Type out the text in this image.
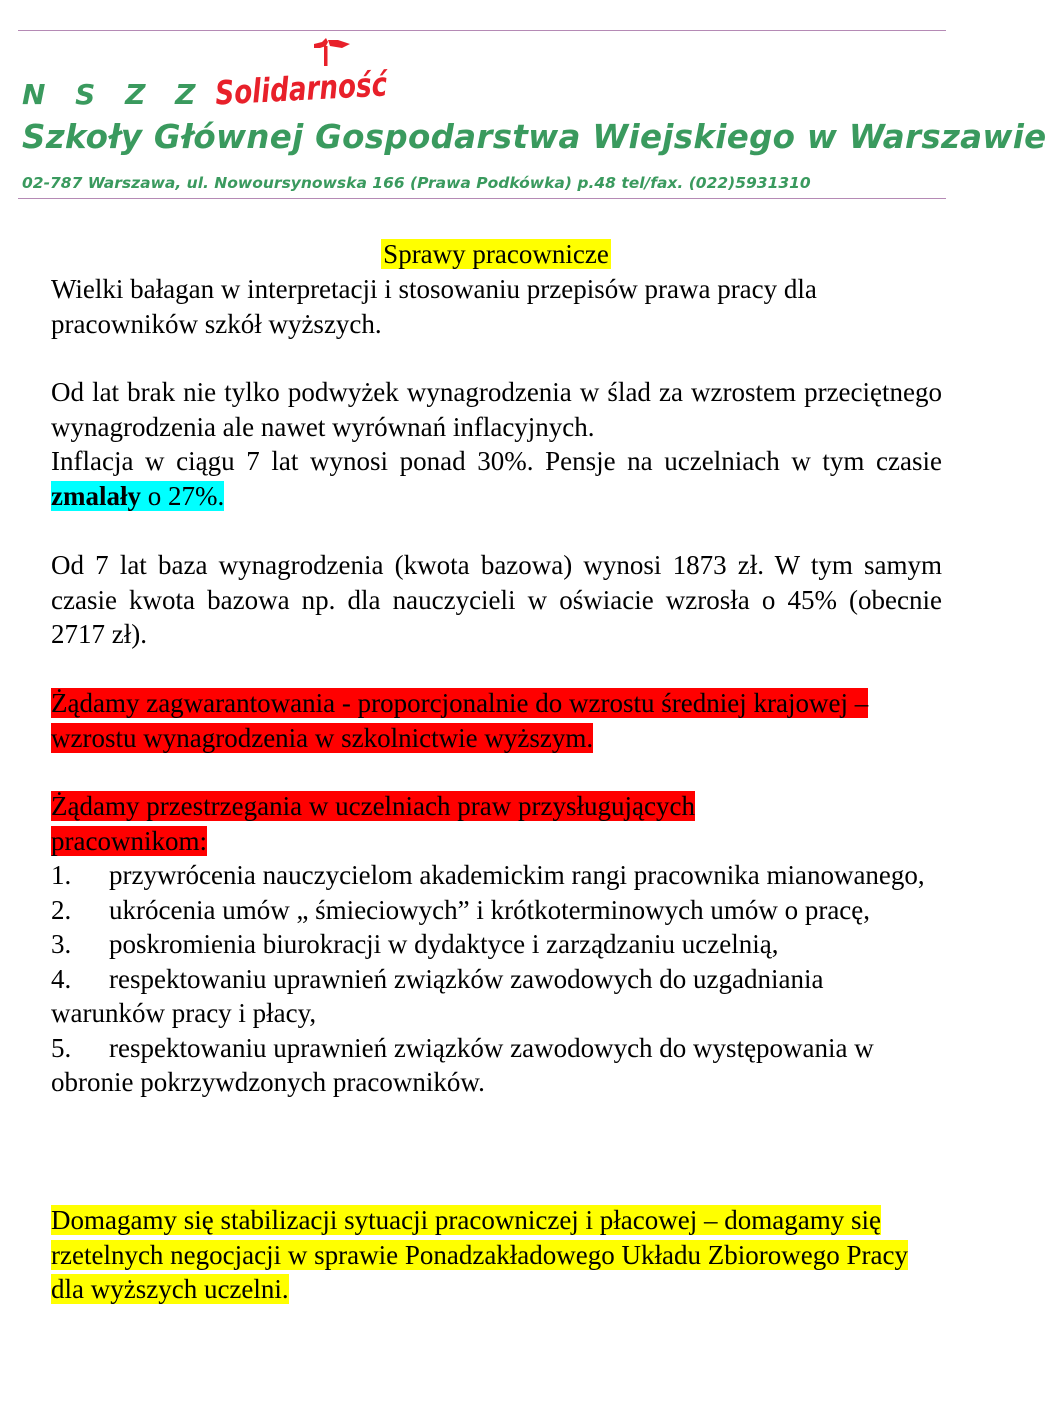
N S Z Z Solidarność
Szkoły Głównej Gospodarstwa Wiejskiego w Warszawie
02-787 Warszawa, ul. Nowoursynowska 166 (Prawa Podkówka) p.48 tel/fax. (022)5931310
Sprawy pracownicze

Wielki bałagan w interpretacji i stosowaniu przepisów prawa pracy dla pracowników szkół wyższych.

Od lat brak nie tylko podwyżek wynagrodzenia w ślad za wzrostem przeciętnego wynagrodzenia ale nawet wyrównań inflacyjnych.

Inflacja w ciągu 7 lat wynosi ponad 30%. Pensje na uczelniach w tym czasie zmalały o 27%.

Od 7 lat baza wynagrodzenia (kwota bazowa) wynosi 1873 zł. W tym samym czasie kwota bazowa np. dla nauczycieli w oświacie wzrosła o 45% (obecnie 2717 zł).

Żądamy zagwarantowania - proporcjonalnie do wzrostu średniej krajowej – wzrostu wynagrodzenia w szkolnictwie wyższym.

Żądamy przestrzegania w uczelniach praw przysługujących pracownikom:

1. przywrócenia nauczycielom akademickim rangi pracownika mianowanego,
2. ukrócenia umów „ śmieciowych” i krótkoterminowych umów o pracę,
3. poskromienia biurokracji w dydaktyce i zarządzaniu uczelnią,
4. respektowaniu uprawnień związków zawodowych do uzgadniania warunków pracy i płacy,
5. respektowaniu uprawnień związków zawodowych do występowania w obronie pokrzywdzonych pracowników.

Domagamy się stabilizacji sytuacji pracowniczej i płacowej – domagamy się rzetelnych negocjacji w sprawie Ponadzakładowego Układu Zbiorowego Pracy dla wyższych uczelni.
